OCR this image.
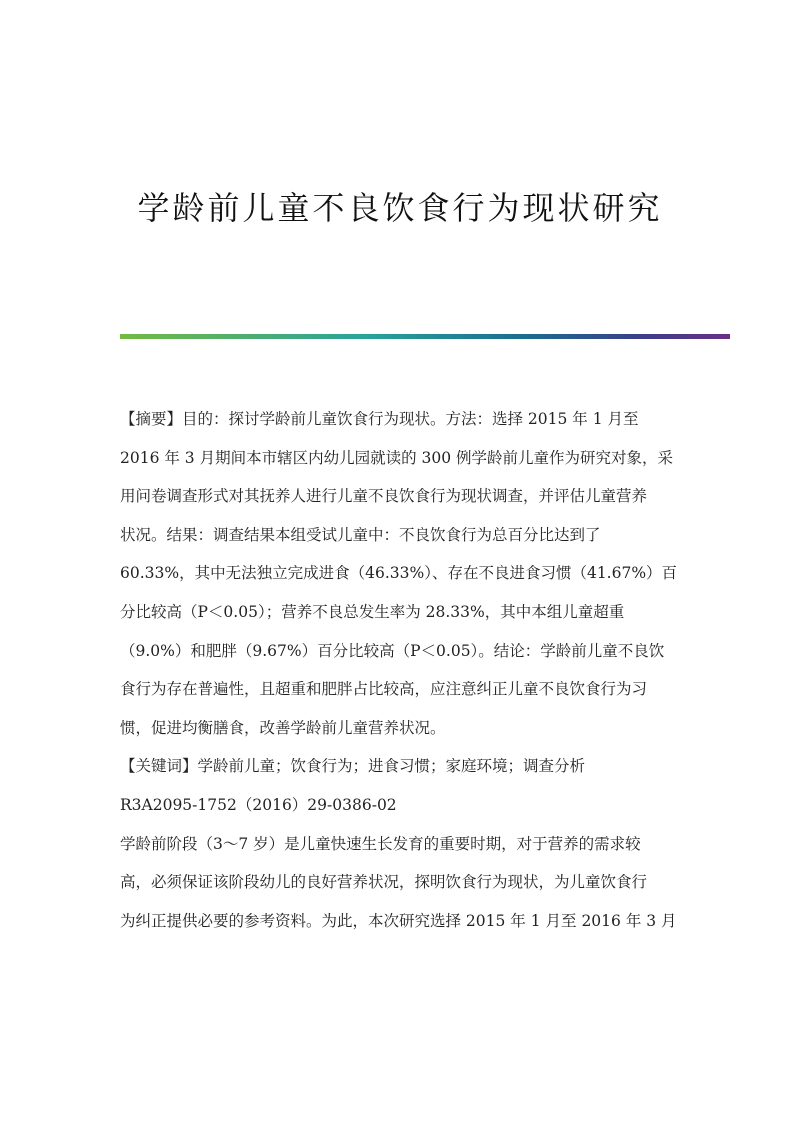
学龄前儿童不良饮食行为现状研究
【摘要】目的：探讨学龄前儿童饮食行为现状。方法：选择 2015 年 1 月至
2016 年 3 月期间本市辖区内幼儿园就读的 300 例学龄前儿童作为研究对象，采
用问卷调查形式对其抚养人进行儿童不良饮食行为现状调查，并评估儿童营养
状况。结果：调查结果本组受试儿童中：不良饮食行为总百分比达到了
60.33%，其中无法独立完成进食（46.33%）、存在不良进食习惯（41.67%）百
分比较高（P＜0.05）；营养不良总发生率为 28.33%，其中本组儿童超重
（9.0%）和肥胖（9.67%）百分比较高（P＜0.05）。结论：学龄前儿童不良饮
食行为存在普遍性，且超重和肥胖占比较高，应注意纠正儿童不良饮食行为习
惯，促进均衡膳食，改善学龄前儿童营养状况。
【关键词】学龄前儿童；饮食行为；进食习惯；家庭环境；调查分析
R3A2095-1752（2016）29-0386-02
学龄前阶段（3～7 岁）是儿童快速生长发育的重要时期，对于营养的需求较
高，必须保证该阶段幼儿的良好营养状况，探明饮食行为现状，为儿童饮食行
为纠正提供必要的参考资料。为此，本次研究选择 2015 年 1 月至 2016 年 3 月
